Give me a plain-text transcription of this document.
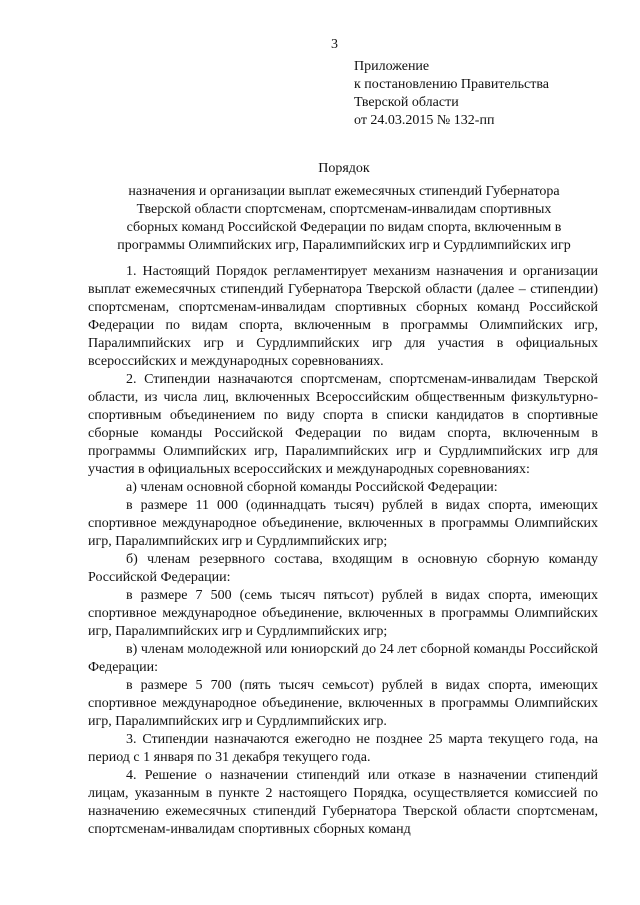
3
Приложение
к постановлению Правительства
Тверской области
от 24.03.2015 № 132-пп
Порядок
назначения и организации выплат ежемесячных стипендий Губернатора
Тверской области спортсменам, спортсменам-инвалидам спортивных
сборных команд Российской Федерации по видам спорта, включенным в
программы Олимпийских игр, Паралимпийских игр и Сурдлимпийских игр

1. Настоящий Порядок регламентирует механизм назначения и организации выплат ежемесячных стипендий Губернатора Тверской области (далее – стипендии) спортсменам, спортсменам-инвалидам спортивных сборных команд Российской Федерации по видам спорта, включенным в программы Олимпийских игр, Паралимпийских игр и Сурдлимпийских игр для участия в официальных всероссийских и международных соревнованиях.

2. Стипендии назначаются спортсменам, спортсменам-инвалидам Тверской области, из числа лиц, включенных Всероссийским общественным физкультурно-спортивным объединением по виду спорта в списки кандидатов в спортивные сборные команды Российской Федерации по видам спорта, включенным в программы Олимпийских игр, Паралимпийских игр и Сурдлимпийских игр для участия в официальных всероссийских и международных соревнованиях:

а) членам основной сборной команды Российской Федерации:

в размере 11 000 (одиннадцать тысяч) рублей в видах спорта, имеющих спортивное международное объединение, включенных в программы Олимпийских игр, Паралимпийских игр и Сурдлимпийских игр;

б) членам резервного состава, входящим в основную сборную команду Российской Федерации:

в размере 7 500 (семь тысяч пятьсот) рублей в видах спорта, имеющих спортивное международное объединение, включенных в программы Олимпийских игр, Паралимпийских игр и Сурдлимпийских игр;

в) членам молодежной или юниорский до 24 лет сборной команды Российской Федерации:

в размере 5 700 (пять тысяч семьсот) рублей в видах спорта, имеющих спортивное международное объединение, включенных в программы Олимпийских игр, Паралимпийских игр и Сурдлимпийских игр.

3. Стипендии назначаются ежегодно не позднее 25 марта текущего года, на период с 1 января по 31 декабря текущего года.

4. Решение о назначении стипендий или отказе в назначении стипендий лицам, указанным в пункте 2 настоящего Порядка, осуществляется комиссией по назначению ежемесячных стипендий Губернатора Тверской области спортсменам, спортсменам-инвалидам спортивных сборных команд
